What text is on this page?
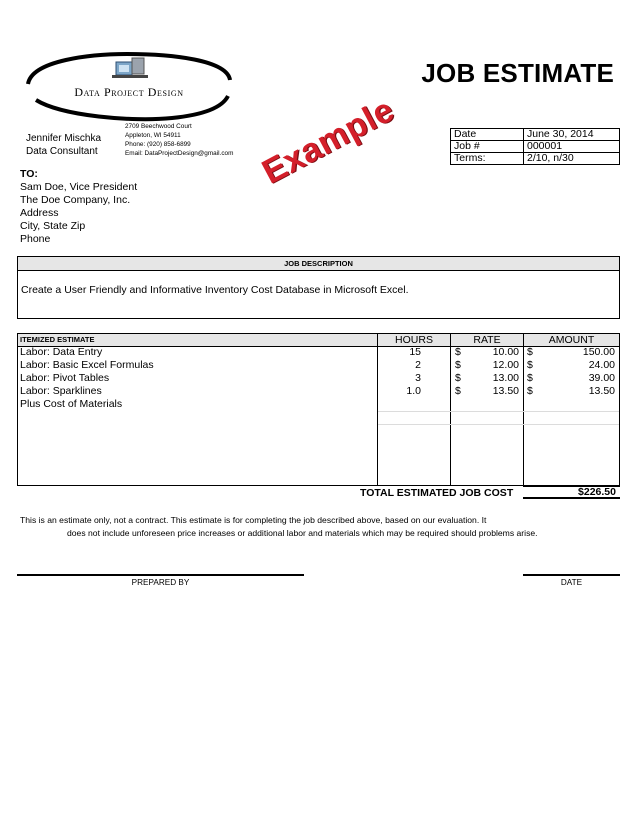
Data Project Design
Jennifer Mischka
Data Consultant
2709 Beechwood Court
Appleton, WI 54911
Phone: (920) 858-6899
Email: DataProjectDesign@gmail.com
JOB ESTIMATE
Date	June 30, 2014
Job #	000001
Terms:	2/10, n/30
Example
TO:
Sam Doe, Vice President
The Doe Company, Inc.
Address
City, State Zip
Phone
JOB DESCRIPTION
Create a User Friendly and Informative Inventory Cost Database in Microsoft Excel.
ITEMIZED ESTIMATE	HOURS	RATE	AMOUNT
Labor: Data Entry	15	$	10.00 $	150.00
Labor: Basic Excel Formulas	2	$	12.00 $	24.00
Labor: Pivot Tables	3	$	13.00 $	39.00
Labor: Sparklines	1.0	$	13.50 $	13.50
Plus Cost of Materials
TOTAL ESTIMATED JOB COST	$226.50
This is an estimate only, not a contract. This estimate is for completing the job described above, based on our evaluation. It
does not include unforeseen price increases or additional labor and materials which may be required should problems arise.
PREPARED BY	DATE
